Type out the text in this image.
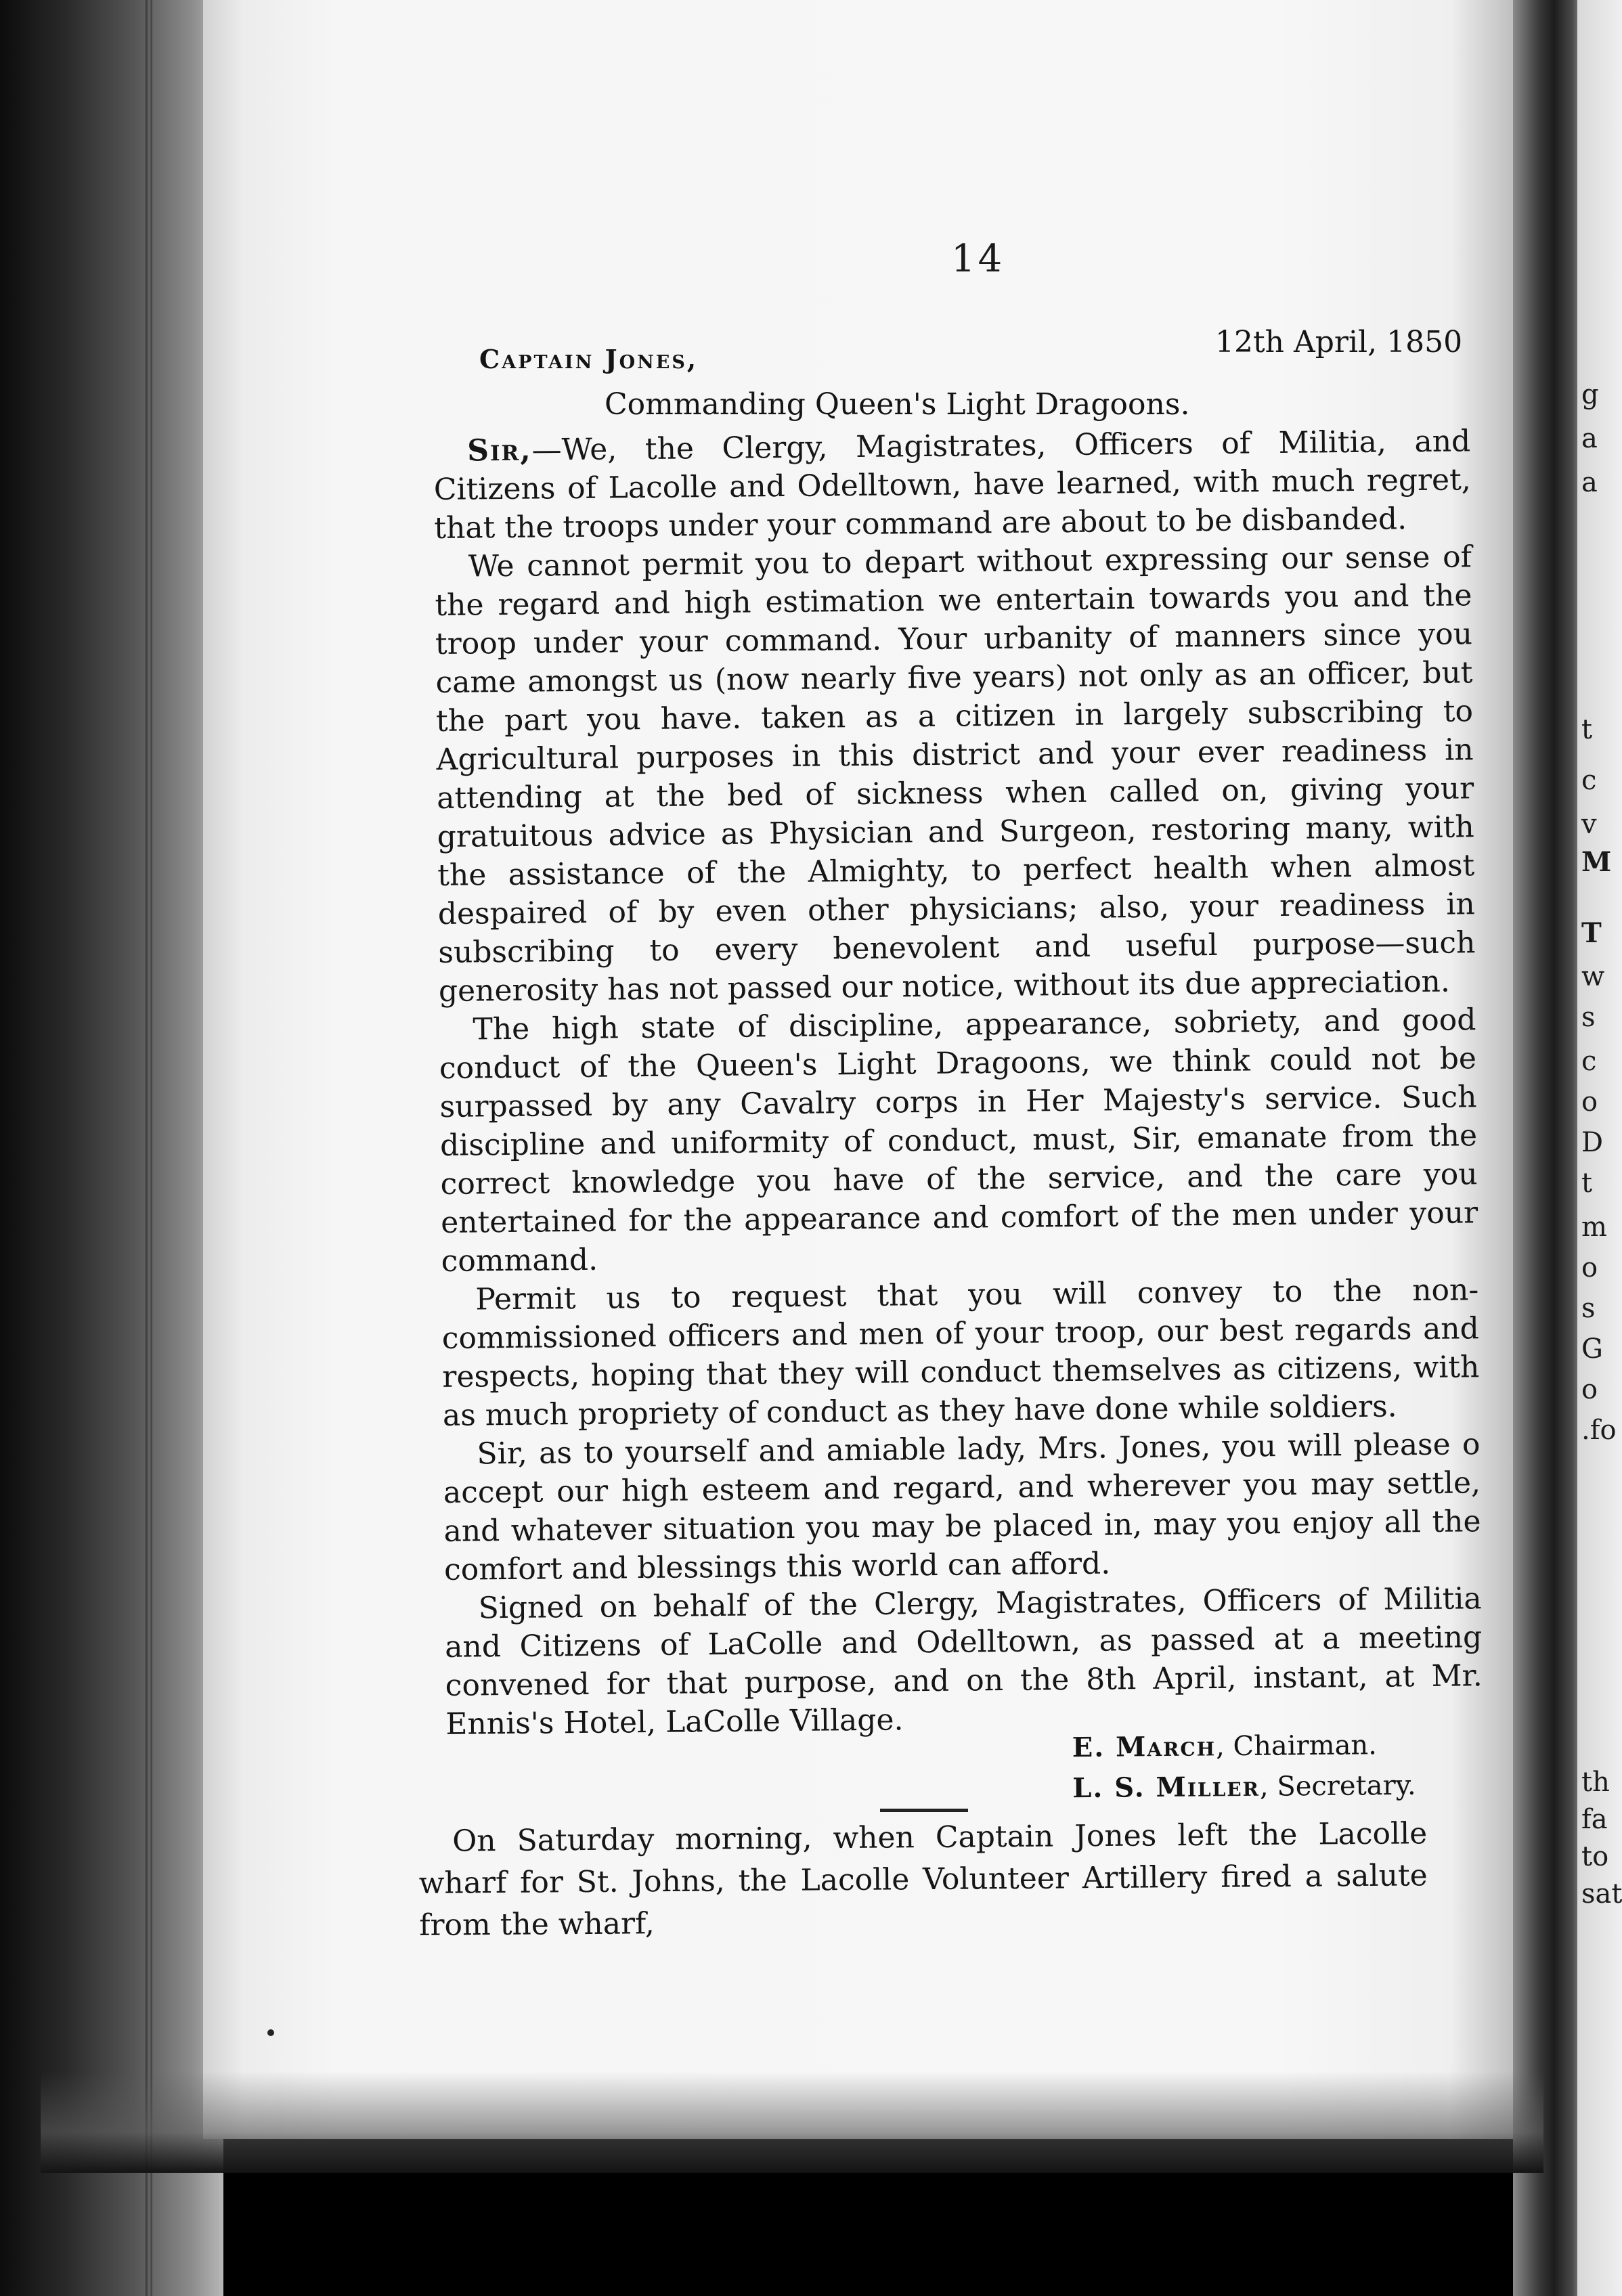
g
a
a
t
c
v
M
T
w
s
c
o
D
t
m
o
s
G
o
.fo
th
fa
to
sat
14
12th April, 1850
Captain Jones,
Commanding Queen's Light Dragoons.

Sir,—We, the Clergy, Magistrates, Officers of Militia, and Citizens of Lacolle and Odelltown, have learned, with much regret, that the troops under your command are about to be disbanded.

We cannot permit you to depart without expressing our sense of the regard and high estimation we entertain towards you and the troop under your command. Your urbanity of manners since you came amongst us (now nearly five years) not only as an officer, but the part you have. taken as a citizen in largely subscribing to Agricultural purposes in this district and your ever readiness in attending at the bed of sickness when called on, giving your gratuitous advice as Physician and Surgeon, restoring many, with the assistance of the Almighty, to perfect health when almost despaired of by even other physicians; also, your readiness in subscribing to every benevolent and useful purpose—such generosity has not passed our notice, without its due appreciation.

The high state of discipline, appearance, sobriety, and good conduct of the Queen's Light Dragoons, we think could not be surpassed by any Cavalry corps in Her Majesty's service. Such discipline and uniformity of conduct, must, Sir, emanate from the correct knowledge you have of the service, and the care you entertained for the appearance and comfort of the men under your command.

Permit us to request that you will convey to the non-commissioned officers and men of your troop, our best regards and respects, hoping that they will conduct themselves as citizens, with as much propriety of conduct as they have done while soldiers.

Sir, as to yourself and amiable lady, Mrs. Jones, you will please o accept our high esteem and regard, and wherever you may settle, and whatever situation you may be placed in, may you enjoy all the comfort and blessings this world can afford.

Signed on behalf of the Clergy, Magistrates, Officers of Militia and Citizens of LaColle and Odelltown, as passed at a meeting convened for that purpose, and on the 8th April, instant, at Mr. Ennis's Hotel, LaColle Village.

E. March, Chairman.
L. S. Miller, Secretary.

On Saturday morning, when Captain Jones left the Lacolle wharf for St. Johns, the Lacolle Volunteer Artillery fired a salute from the wharf,
